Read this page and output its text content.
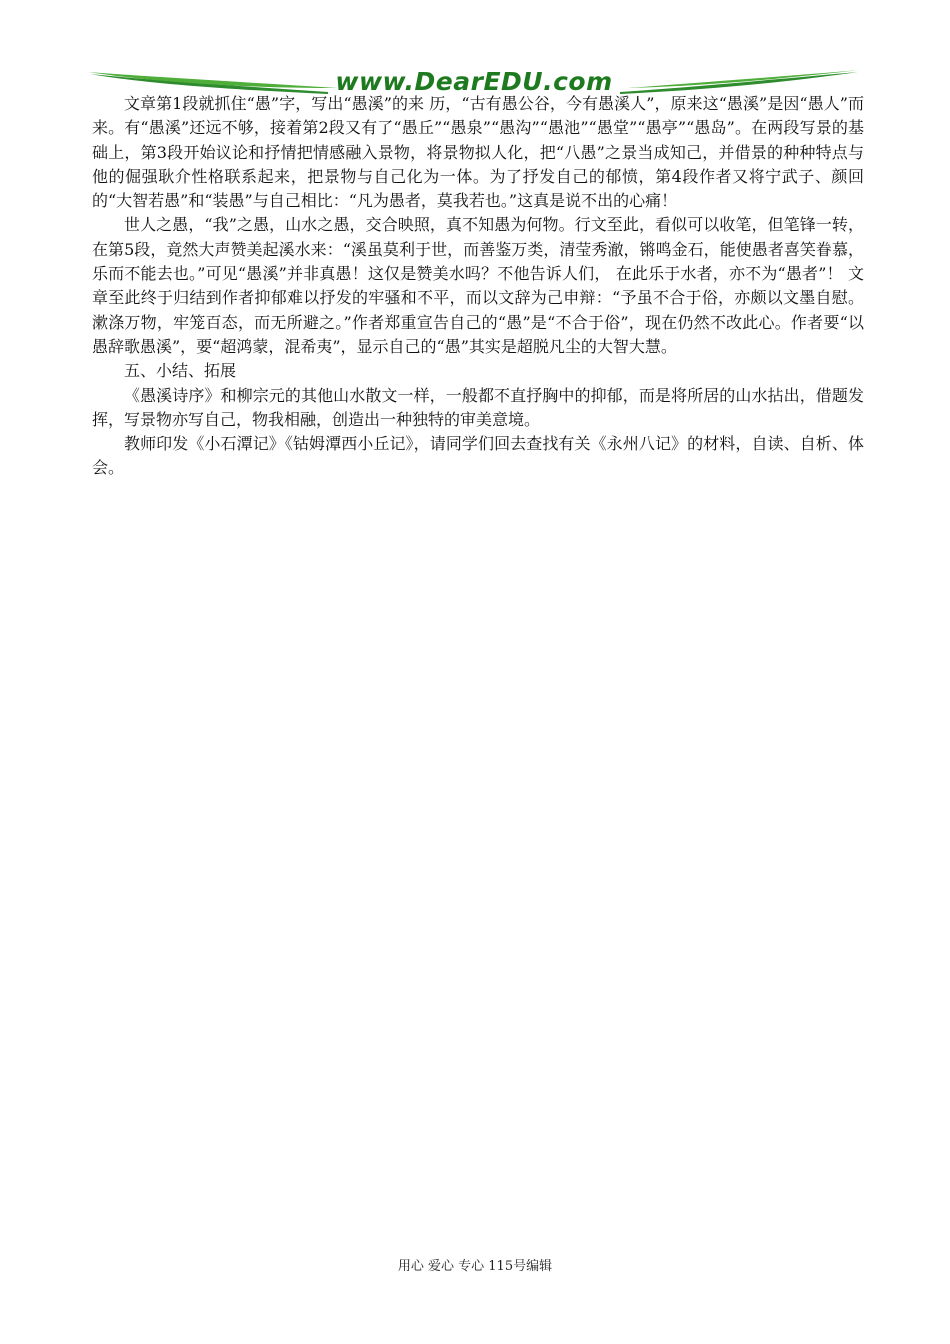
www.DearEDU.com

文章第1段就抓住“愚”字，写出“愚溪”的来 历，“古有愚公谷，今有愚溪人”，原来这“愚溪”是因“愚人”而来。有“愚溪”还远不够，接着第2段又有了“愚丘”“愚泉”“愚沟”“愚池”“愚堂”“愚亭”“愚岛”。在两段写景的基础上，第3段开始议论和抒情把情感融入景物，将景物拟人化，把“八愚”之景当成知己，并借景的种种特点与他的倔强耿介性格联系起来，把景物与自己化为一体。为了抒发自己的郁愤，第4段作者又将宁武子、颜回的“大智若愚”和“装愚”与自己相比：“凡为愚者，莫我若也。”这真是说不出的心痛！

世人之愚，“我”之愚，山水之愚，交合映照，真不知愚为何物。行文至此，看似可以收笔，但笔锋一转，在第5段，竟然大声赞美起溪水来：“溪虽莫利于世，而善鉴万类，清莹秀澈，锵鸣金石，能使愚者喜笑眷慕，乐而不能去也。”可见“愚溪”并非真愚！这仅是赞美水吗？不他告诉人们， 在此乐于水者，亦不为“愚者”！ 文章至此终于归结到作者抑郁难以抒发的牢骚和不平，而以文辞为己申辩：“予虽不合于俗，亦颇以文墨自慰。漱涤万物，牢笼百态，而无所避之。”作者郑重宣告自己的“愚”是“不合于俗”，现在仍然不改此心。作者要“以愚辞歌愚溪”，要“超鸿蒙，混希夷”，显示自己的“愚”其实是超脱凡尘的大智大慧。

五、小结、拓展

《愚溪诗序》和柳宗元的其他山水散文一样，一般都不直抒胸中的抑郁，而是将所居的山水拈出，借题发挥，写景物亦写自己，物我相融，创造出一种独特的审美意境。

教师印发《小石潭记》《钴姆潭西小丘记》，请同学们回去查找有关《永州八记》的材料，自读、自析、体会。

用心 爱心 专心 115号编辑
